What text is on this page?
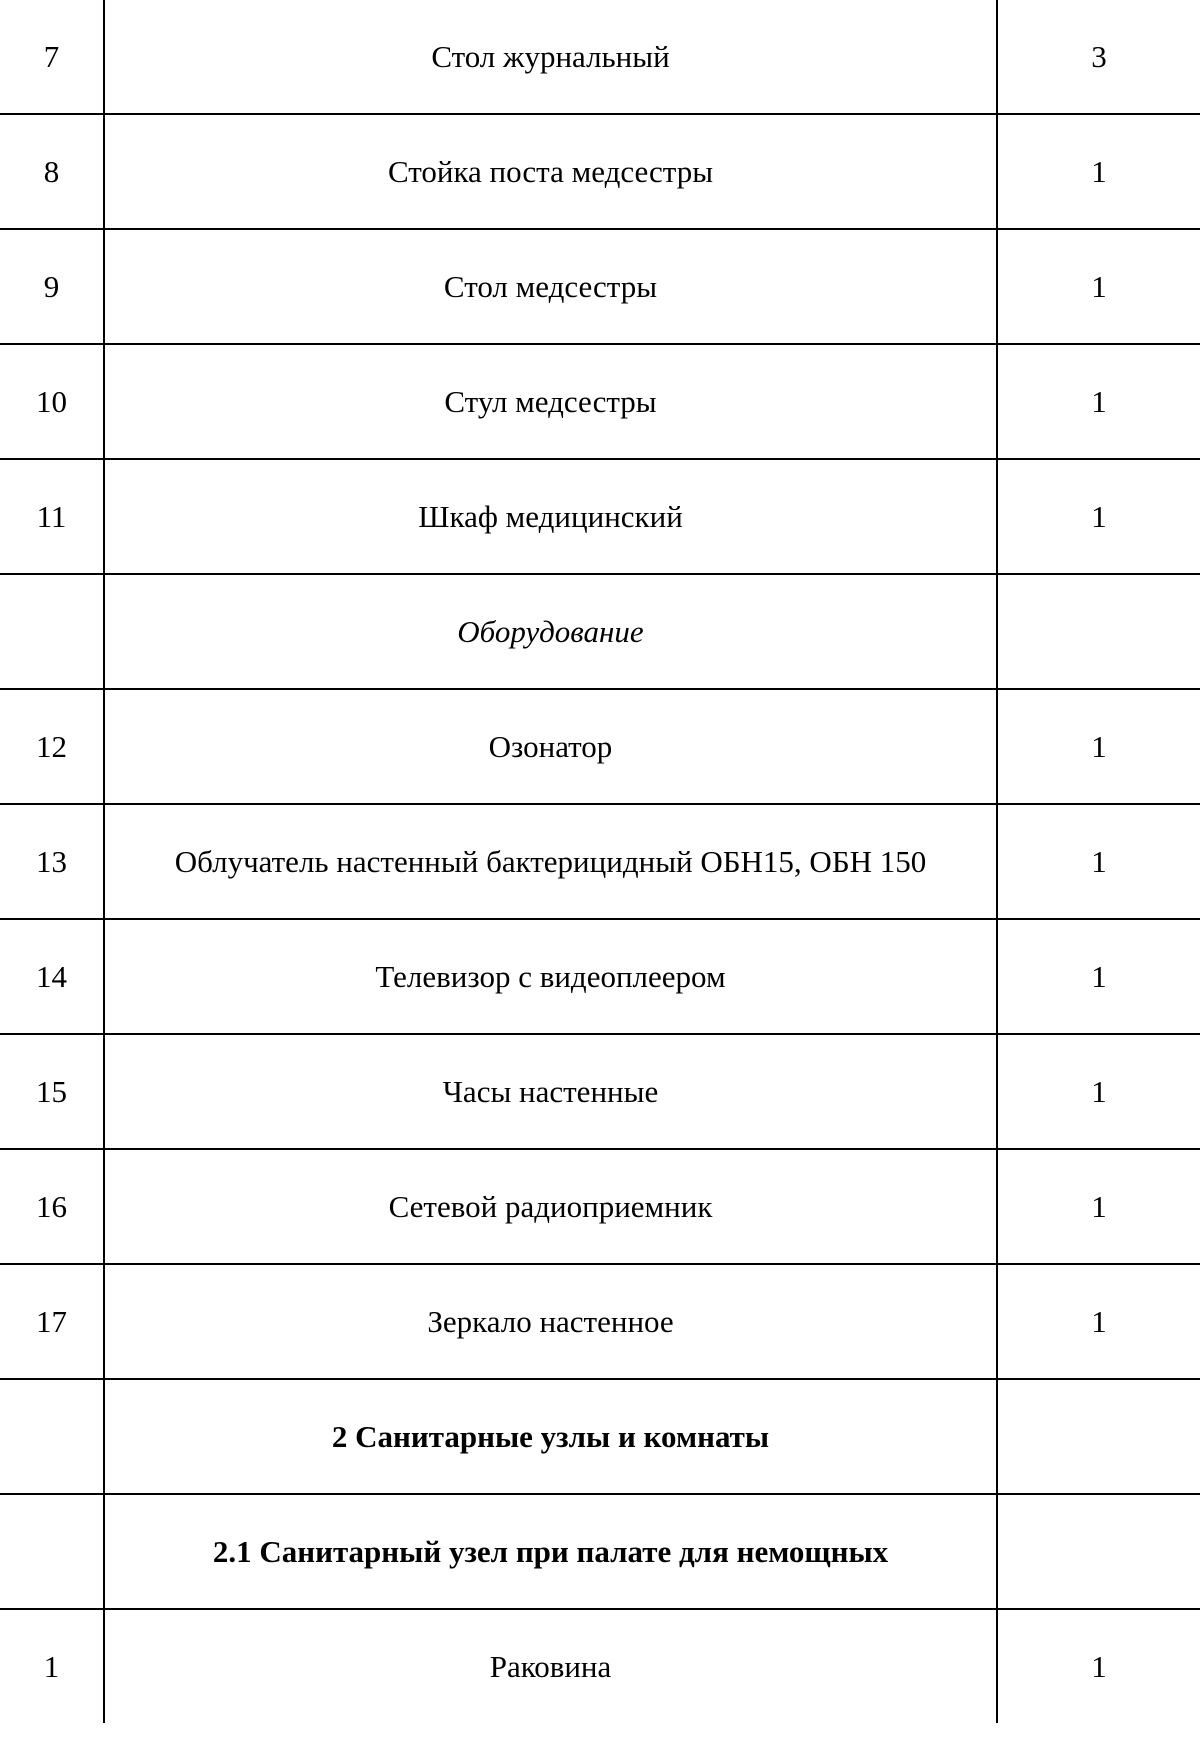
7	Стол журнальный	3
8	Стойка поста медсестры	1
9	Стол медсестры	1
10	Стул медсестры	1
11	Шкаф медицинский	1
	Оборудование	
12	Озонатор	1
13	Облучатель настенный бактерицидный ОБН15, ОБН 150	1
14	Телевизор с видеоплеером	1
15	Часы настенные	1
16	Сетевой радиоприемник	1
17	Зеркало настенное	1
	2 Санитарные узлы и комнаты	
	2.1 Санитарный узел при палате для немощных	
1	Раковина	1
